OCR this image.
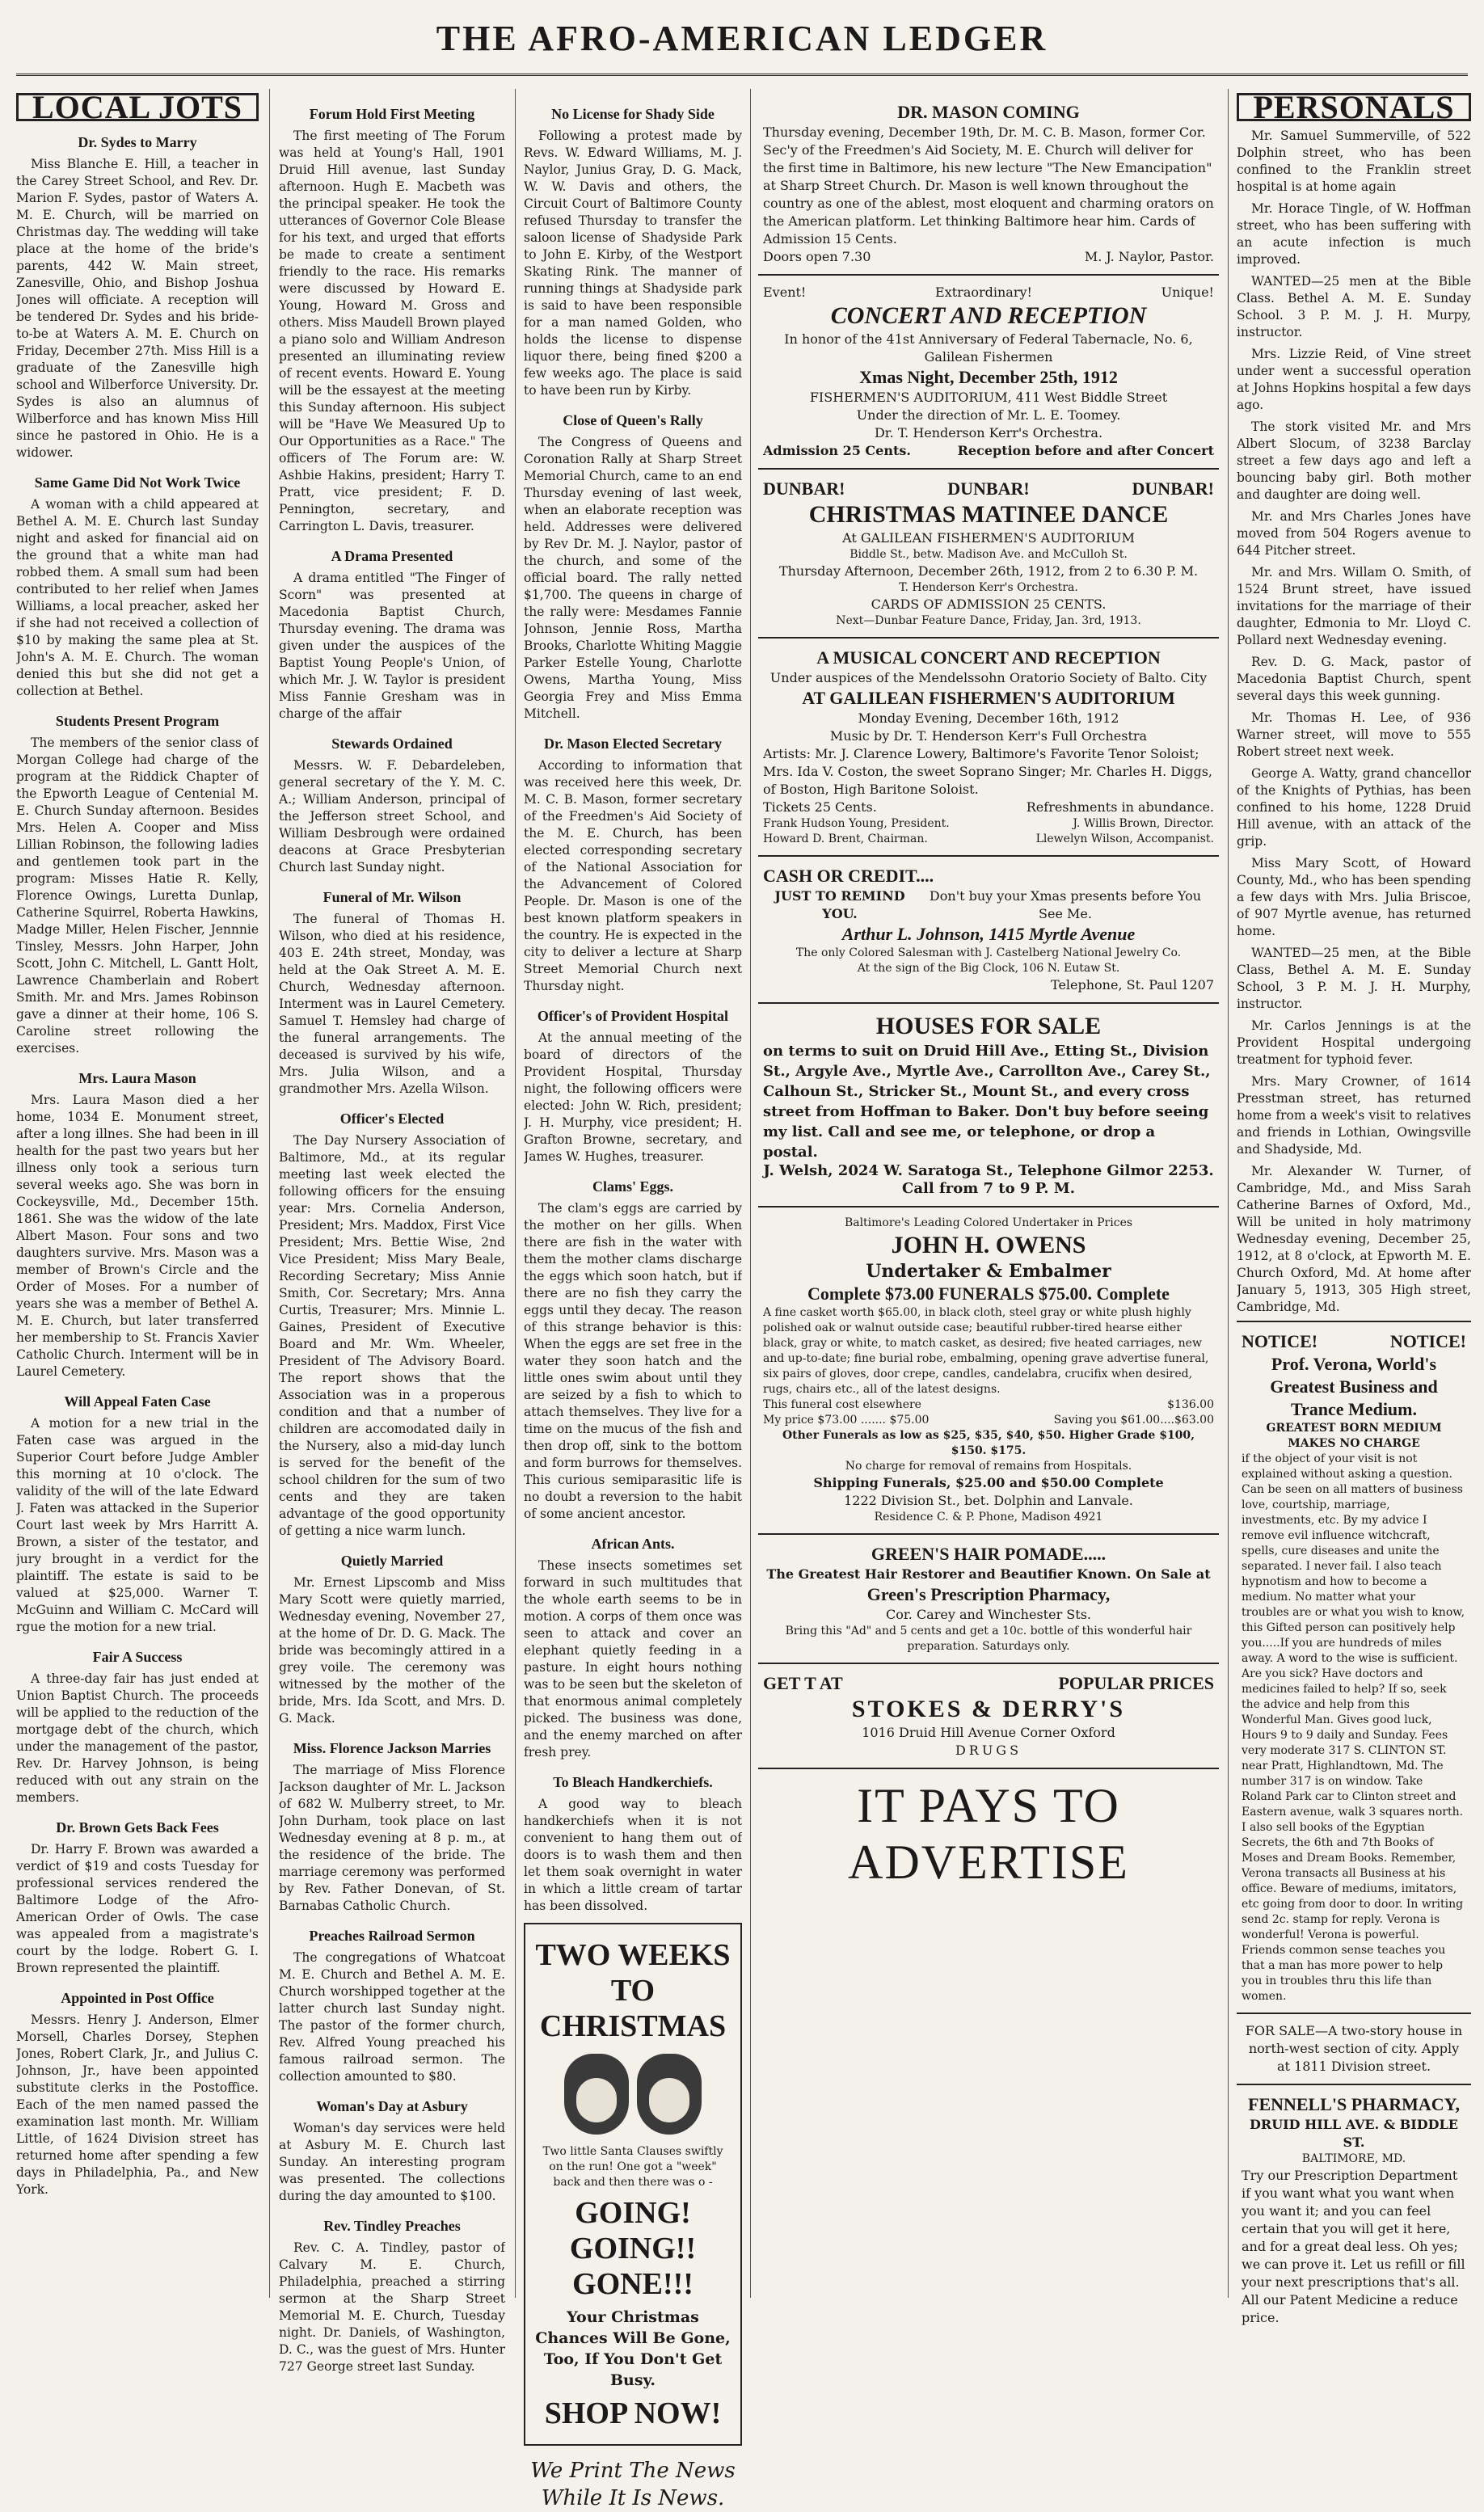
THE AFRO-AMERICAN LEDGER
LOCAL JOTS
Dr. Sydes to Marry

Miss Blanche E. Hill, a teacher in the Carey Street School, and Rev. Dr. Marion F. Sydes, pastor of Waters A. M. E. Church, will be married on Christmas day. The wedding will take place at the home of the bride's parents, 442 W. Main street, Zanesville, Ohio, and Bishop Joshua Jones will officiate. A reception will be tendered Dr. Sydes and his bride-to-be at Waters A. M. E. Church on Friday, December 27th. Miss Hill is a graduate of the Zanesville high school and Wilberforce University. Dr. Sydes is also an alumnus of Wilberforce and has known Miss Hill since he pastored in Ohio. He is a widower.

Same Game Did Not Work Twice

A woman with a child appeared at Bethel A. M. E. Church last Sunday night and asked for financial aid on the ground that a white man had robbed them. A small sum had been contributed to her relief when James Williams, a local preacher, asked her if she had not received a collection of $10 by making the same plea at St. John's A. M. E. Church. The woman denied this but she did not get a collection at Bethel.

Students Present Program

The members of the senior class of Morgan College had charge of the program at the Riddick Chapter of the Epworth League of Centenial M. E. Church Sunday afternoon. Besides Mrs. Helen A. Cooper and Miss Lillian Robinson, the following ladies and gentlemen took part in the program: Misses Hatie R. Kelly, Florence Owings, Luretta Dunlap, Catherine Squirrel, Roberta Hawkins, Madge Miller, Helen Fischer, Jennnie Tinsley, Messrs. John Harper, John Scott, John C. Mitchell, L. Gantt Holt, Lawrence Chamberlain and Robert Smith. Mr. and Mrs. James Robinson gave a dinner at their home, 106 S. Caroline street rollowing the exercises.

Mrs. Laura Mason

Mrs. Laura Mason died a her home, 1034 E. Monument street, after a long illnes. She had been in ill health for the past two years but her illness only took a serious turn several weeks ago. She was born in Cockeysville, Md., December 15th. 1861. She was the widow of the late Albert Mason. Four sons and two daughters survive. Mrs. Mason was a member of Brown's Circle and the Order of Moses. For a number of years she was a member of Bethel A. M. E. Church, but later transferred her membership to St. Francis Xavier Catholic Church. Interment will be in Laurel Cemetery.

Will Appeal Faten Case

A motion for a new trial in the Faten case was argued in the Superior Court before Judge Ambler this morning at 10 o'clock. The validity of the will of the late Edward J. Faten was attacked in the Superior Court last week by Mrs Harritt A. Brown, a sister of the testator, and jury brought in a verdict for the plaintiff. The estate is said to be valued at $25,000. Warner T. McGuinn and William C. McCard will rgue the motion for a new trial.

Fair A Success

A three-day fair has just ended at Union Baptist Church. The proceeds will be applied to the reduction of the mortgage debt of the church, which under the management of the pastor, Rev. Dr. Harvey Johnson, is being reduced with out any strain on the members.

Dr. Brown Gets Back Fees

Dr. Harry F. Brown was awarded a verdict of $19 and costs Tuesday for professional services rendered the Baltimore Lodge of the Afro-American Order of Owls. The case was appealed from a magistrate's court by the lodge. Robert G. I. Brown represented the plaintiff.

Appointed in Post Office

Messrs. Henry J. Anderson, Elmer Morsell, Charles Dorsey, Stephen Jones, Robert Clark, Jr., and Julius C. Johnson, Jr., have been appointed substitute clerks in the Postoffice. Each of the men named passed the examination last month. Mr. William Little, of 1624 Division street has returned home after spending a few days in Philadelphia, Pa., and New York.

Forum Hold First Meeting

The first meeting of The Forum was held at Young's Hall, 1901 Druid Hill avenue, last Sunday afternoon. Hugh E. Macbeth was the principal speaker. He took the utterances of Governor Cole Blease for his text, and urged that efforts be made to create a sentiment friendly to the race. His remarks were discussed by Howard E. Young, Howard M. Gross and others. Miss Maudell Brown played a piano solo and William Andreson presented an illuminating review of recent events. Howard E. Young will be the essayest at the meeting this Sunday afternoon. His subject will be "Have We Measured Up to Our Opportunities as a Race." The officers of The Forum are: W. Ashbie Hakins, president; Harry T. Pratt, vice president; F. D. Pennington, secretary, and Carrington L. Davis, treasurer.

A Drama Presented

A drama entitled "The Finger of Scorn" was presented at Macedonia Baptist Church, Thursday evening. The drama was given under the auspices of the Baptist Young People's Union, of which Mr. J. W. Taylor is president Miss Fannie Gresham was in charge of the affair

Stewards Ordained

Messrs. W. F. Debardeleben, general secretary of the Y. M. C. A.; William Anderson, principal of the Jefferson street School, and William Desbrough were ordained deacons at Grace Presbyterian Church last Sunday night.

Funeral of Mr. Wilson

The funeral of Thomas H. Wilson, who died at his residence, 403 E. 24th street, Monday, was held at the Oak Street A. M. E. Church, Wednesday afternoon. Interment was in Laurel Cemetery. Samuel T. Hemsley had charge of the funeral arrangements. The deceased is survived by his wife, Mrs. Julia Wilson, and a grandmother Mrs. Azella Wilson.

Officer's Elected

The Day Nursery Association of Baltimore, Md., at its regular meeting last week elected the following officers for the ensuing year: Mrs. Cornelia Anderson, President; Mrs. Maddox, First Vice President; Mrs. Bettie Wise, 2nd Vice President; Miss Mary Beale, Recording Secretary; Miss Annie Smith, Cor. Secretary; Mrs. Anna Curtis, Treasurer; Mrs. Minnie L. Gaines, President of Executive Board and Mr. Wm. Wheeler, President of The Advisory Board. The report shows that the Association was in a properous condition and that a number of children are accomodated daily in the Nursery, also a mid-day lunch is served for the benefit of the school children for the sum of two cents and they are taken advantage of the good opportunity of getting a nice warm lunch.

Quietly Married

Mr. Ernest Lipscomb and Miss Mary Scott were quietly married, Wednesday evening, November 27, at the home of Dr. D. G. Mack. The bride was becomingly attired in a grey voile. The ceremony was witnessed by the mother of the bride, Mrs. Ida Scott, and Mrs. D. G. Mack.

Miss. Florence Jackson Marries

The marriage of Miss Florence Jackson daughter of Mr. L. Jackson of 682 W. Mulberry street, to Mr. John Durham, took place on last Wednesday evening at 8 p. m., at the residence of the bride. The marriage ceremony was performed by Rev. Father Donevan, of St. Barnabas Catholic Church.

Preaches Railroad Sermon

The congregations of Whatcoat M. E. Church and Bethel A. M. E. Church worshipped together at the latter church last Sunday night. The pastor of the former church, Rev. Alfred Young preached his famous railroad sermon. The collection amounted to $80.

Woman's Day at Asbury

Woman's day services were held at Asbury M. E. Church last Sunday. An interesting program was presented. The collections during the day amounted to $100.

Rev. Tindley Preaches

Rev. C. A. Tindley, pastor of Calvary M. E. Church, Philadelphia, preached a stirring sermon at the Sharp Street Memorial M. E. Church, Tuesday night. Dr. Daniels, of Washington, D. C., was the guest of Mrs. Hunter 727 George street last Sunday.

No License for Shady Side

Following a protest made by Revs. W. Edward Williams, M. J. Naylor, Junius Gray, D. G. Mack, W. W. Davis and others, the Circuit Court of Baltimore County refused Thursday to transfer the saloon license of Shadyside Park to John E. Kirby, of the Westport Skating Rink. The manner of running things at Shadyside park is said to have been responsible for a man named Golden, who holds the license to dispense liquor there, being fined $200 a few weeks ago. The place is said to have been run by Kirby.

Close of Queen's Rally

The Congress of Queens and Coronation Rally at Sharp Street Memorial Church, came to an end Thursday evening of last week, when an elaborate reception was held. Addresses were delivered by Rev Dr. M. J. Naylor, pastor of the church, and some of the official board. The rally netted $1,700. The queens in charge of the rally were: Mesdames Fannie Johnson, Jennie Ross, Martha Brooks, Charlotte Whiting Maggie Parker Estelle Young, Charlotte Owens, Martha Young, Miss Georgia Frey and Miss Emma Mitchell.

Dr. Mason Elected Secretary

According to information that was received here this week, Dr. M. C. B. Mason, former secretary of the Freedmen's Aid Society of the M. E. Church, has been elected corresponding secretary of the National Association for the Advancement of Colored People. Dr. Mason is one of the best known platform speakers in the country. He is expected in the city to deliver a lecture at Sharp Street Memorial Church next Thursday night.

Officer's of Provident Hospital

At the annual meeting of the board of directors of the Provident Hospital, Thursday night, the following officers were elected: John W. Rich, president; J. H. Murphy, vice president; H. Grafton Browne, secretary, and James W. Hughes, treasurer.

Clams' Eggs.

The clam's eggs are carried by the mother on her gills. When there are fish in the water with them the mother clams discharge the eggs which soon hatch, but if there are no fish they carry the eggs until they decay. The reason of this strange behavior is this: When the eggs are set free in the water they soon hatch and the little ones swim about until they are seized by a fish to which to attach themselves. They live for a time on the mucus of the fish and then drop off, sink to the bottom and form burrows for themselves. This curious semiparasitic life is no doubt a reversion to the habit of some ancient ancestor.

African Ants.

These insects sometimes set forward in such multitudes that the whole earth seems to be in motion. A corps of them once was seen to attack and cover an elephant quietly feeding in a pasture. In eight hours nothing was to be seen but the skeleton of that enormous animal completely picked. The business was done, and the enemy marched on after fresh prey.

To Bleach Handkerchiefs.

A good way to bleach handkerchiefs when it is not convenient to hang them out of doors is to wash them and then let them soak overnight in water in which a little cream of tartar has been dissolved.

TWO WEEKS TO CHRISTMAS
Two little Santa Clauses swiftly on the run! One got a "week" back and then there was o -
GOING! GOING!! GONE!!!
Your Christmas Chances Will Be Gone, Too, If You Don't Get Busy.
SHOP NOW!
We Print The News While It Is News.
DR. MASON COMING
Thursday evening, December 19th, Dr. M. C. B. Mason, former Cor. Sec'y of the Freedmen's Aid Society, M. E. Church will deliver for the first time in Baltimore, his new lecture "The New Emancipation" at Sharp Street Church. Dr. Mason is well known throughout the country as one of the ablest, most eloquent and charming orators on the American platform. Let thinking Baltimore hear him. Cards of Admission 15 Cents.
Doors open 7.30	M. J. Naylor, Pastor.
Event!	Extraordinary!	Unique!
CONCERT AND RECEPTION
In honor of the 41st Anniversary of Federal Tabernacle, No. 6, Galilean Fishermen
Xmas Night, December 25th, 1912
FISHERMEN'S AUDITORIUM, 411 West Biddle Street
Under the direction of Mr. L. E. Toomey.
Dr. T. Henderson Kerr's Orchestra.
Admission 25 Cents.	Reception before and after Concert
DUNBAR!	DUNBAR!	DUNBAR!
CHRISTMAS MATINEE DANCE
At GALILEAN FISHERMEN'S AUDITORIUM
Biddle St., betw. Madison Ave. and McCulloh St.
Thursday Afternoon, December 26th, 1912, from 2 to 6.30 P. M.
T. Henderson Kerr's Orchestra.
CARDS OF ADMISSION 25 CENTS.
Next—Dunbar Feature Dance, Friday, Jan. 3rd, 1913.
A MUSICAL CONCERT AND RECEPTION
Under auspices of the Mendelssohn Oratorio Society of Balto. City
AT GALILEAN FISHERMEN'S AUDITORIUM
Monday Evening, December 16th, 1912
Music by Dr. T. Henderson Kerr's Full Orchestra
Artists: Mr. J. Clarence Lowery, Baltimore's Favorite Tenor Soloist; Mrs. Ida V. Coston, the sweet Soprano Singer; Mr. Charles H. Diggs, of Boston, High Baritone Soloist.
Tickets 25 Cents.	Refreshments in abundance.
Frank Hudson Young, President.	J. Willis Brown, Director.
Howard D. Brent, Chairman.	Llewelyn Wilson, Accompanist.
CASH OR CREDIT....
JUST TO REMIND YOU.
Don't buy your Xmas presents before You See Me.
Arthur L. Johnson, 1415 Myrtle Avenue
The only Colored Salesman with J. Castelberg National Jewelry Co.
At the sign of the Big Clock, 106 N. Eutaw St.
Telephone, St. Paul 1207
HOUSES FOR SALE
on terms to suit on Druid Hill Ave., Etting St., Division St., Argyle Ave., Myrtle Ave., Carrollton Ave., Carey St., Calhoun St., Stricker St., Mount St., and every cross street from Hoffman to Baker. Don't buy before seeing my list. Call and see me, or telephone, or drop a postal.
J. Welsh, 2024 W. Saratoga St., Telephone Gilmor 2253. Call from 7 to 9 P. M.
Baltimore's Leading Colored Undertaker in Prices
JOHN H. OWENS
Undertaker & Embalmer
Complete $73.00 FUNERALS $75.00. Complete
A fine casket worth $65.00, in black cloth, steel gray or white plush highly polished oak or walnut outside case; beautiful rubber-tired hearse either black, gray or white, to match casket, as desired; five heated carriages, new and up-to-date; fine burial robe, embalming, opening grave advertise funeral, six pairs of gloves, door crepe, candles, candelabra, crucifix when desired, rugs, chairs etc., all of the latest designs.
This funeral cost elsewhere	$136.00
My price $73.00 ....... $75.00	Saving you $61.00....$63.00
Other Funerals as low as $25, $35, $40, $50. Higher Grade $100, $150. $175.
No charge for removal of remains from Hospitals.
Shipping Funerals, $25.00 and $50.00 Complete
1222 Division St., bet. Dolphin and Lanvale.
Residence C. & P. Phone, Madison 4921
GREEN'S HAIR POMADE.....
The Greatest Hair Restorer and Beautifier Known. On Sale at
Green's Prescription Pharmacy,
Cor. Carey and Winchester Sts.
Bring this "Ad" and 5 cents and get a 10c. bottle of this wonderful hair preparation. Saturdays only.
GET T AT	POPULAR PRICES
STOKES & DERRY'S
1016 Druid Hill Avenue Corner Oxford
DRUGS
IT PAYS TO ADVERTISE
PERSONALS

Mr. Samuel Summerville, of 522 Dolphin street, who has been confined to the Franklin street hospital is at home again

Mr. Horace Tingle, of W. Hoffman street, who has been suffering with an acute infection is much improved.

WANTED—25 men at the Bible Class. Bethel A. M. E. Sunday School. 3 P. M. J. H. Murpy, instructor.

Mrs. Lizzie Reid, of Vine street under went a successful operation at Johns Hopkins hospital a few days ago.

The stork visited Mr. and Mrs Albert Slocum, of 3238 Barclay street a few days ago and left a bouncing baby girl. Both mother and daughter are doing well.

Mr. and Mrs Charles Jones have moved from 504 Rogers avenue to 644 Pitcher street.

Mr. and Mrs. Willam O. Smith, of 1524 Brunt street, have issued invitations for the marriage of their daughter, Edmonia to Mr. Lloyd C. Pollard next Wednesday evening.

Rev. D. G. Mack, pastor of Macedonia Baptist Church, spent several days this week gunning.

Mr. Thomas H. Lee, of 936 Warner street, will move to 555 Robert street next week.

George A. Watty, grand chancellor of the Knights of Pythias, has been confined to his home, 1228 Druid Hill avenue, with an attack of the grip.

Miss Mary Scott, of Howard County, Md., who has been spending a few days with Mrs. Julia Briscoe, of 907 Myrtle avenue, has returned home.

WANTED—25 men, at the Bible Class, Bethel A. M. E. Sunday School, 3 P. M. J. H. Murphy, instructor.

Mr. Carlos Jennings is at the Provident Hospital undergoing treatment for typhoid fever.

Mrs. Mary Crowner, of 1614 Presstman street, has returned home from a week's visit to relatives and friends in Lothian, Owingsville and Shadyside, Md.

Mr. Alexander W. Turner, of Cambridge, Md., and Miss Sarah Catherine Barnes of Oxford, Md., Will be united in holy matrimony Wednesday evening, December 25, 1912, at 8 o'clock, at Epworth M. E. Church Oxford, Md. At home after January 5, 1913, 305 High street, Cambridge, Md.

NOTICE!	NOTICE!
Prof. Verona, World's
Greatest Business and Trance Medium.
GREATEST BORN MEDIUM MAKES NO CHARGE
if the object of your visit is not explained without asking a question. Can be seen on all matters of business love, courtship, marriage, investments, etc. By my advice I remove evil influence witchcraft, spells, cure diseases and unite the separated. I never fail. I also teach hypnotism and how to become a medium. No matter what your troubles are or what you wish to know, this Gifted person can positively help you.....If you are hundreds of miles away. A word to the wise is sufficient. Are you sick? Have doctors and medicines failed to help? If so, seek the advice and help from this Wonderful Man. Gives good luck, Hours 9 to 9 daily and Sunday. Fees very moderate 317 S. CLINTON ST. near Pratt, Highlandtown, Md. The number 317 is on window. Take Roland Park car to Clinton street and Eastern avenue, walk 3 squares north. I also sell books of the Egyptian Secrets, the 6th and 7th Books of Moses and Dream Books. Remember, Verona transacts all Business at his office. Beware of mediums, imitators, etc going from door to door. In writing send 2c. stamp for reply. Verona is wonderful! Verona is powerful. Friends common sense teaches you that a man has more power to help you in troubles thru this life than women.
FOR SALE—A two-story house in north-west section of city. Apply at 1811 Division street.
FENNELL'S PHARMACY,
DRUID HILL AVE. & BIDDLE ST.
BALTIMORE, MD.
Try our Prescription Department if you want what you want when you want it; and you can feel certain that you will get it here, and for a great deal less. Oh yes; we can prove it. Let us refill or fill your next prescriptions that's all. All our Patent Medicine a reduce price.
